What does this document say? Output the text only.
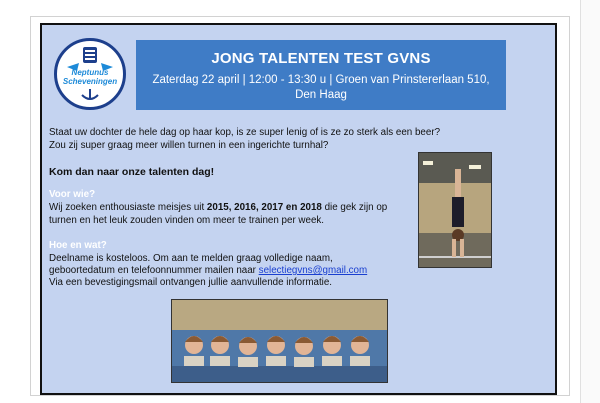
Neptunus
Scheveningen
JONG TALENTEN TEST GVNS
Zaterdag 22 april | 12:00 - 13:30 u | Groen van Prinstererlaan 510, Den Haag
Staat uw dochter de hele dag op haar kop, is ze super lenig of is ze zo sterk als een beer?
Zou zij super graag meer willen turnen in een ingerichte turnhal?
Kom dan naar onze talenten dag!
Voor wie?
Wij zoeken enthousiaste meisjes uit 2015, 2016, 2017 en 2018 die gek zijn op
turnen en het leuk zouden vinden om meer te trainen per week.
Hoe en wat?
Deelname is kosteloos. Om aan te melden graag volledige naam,
geboortedatum en telefoonnummer mailen naar selectiegvns@gmail.com
Via een bevestigingsmail ontvangen jullie aanvullende informatie.
